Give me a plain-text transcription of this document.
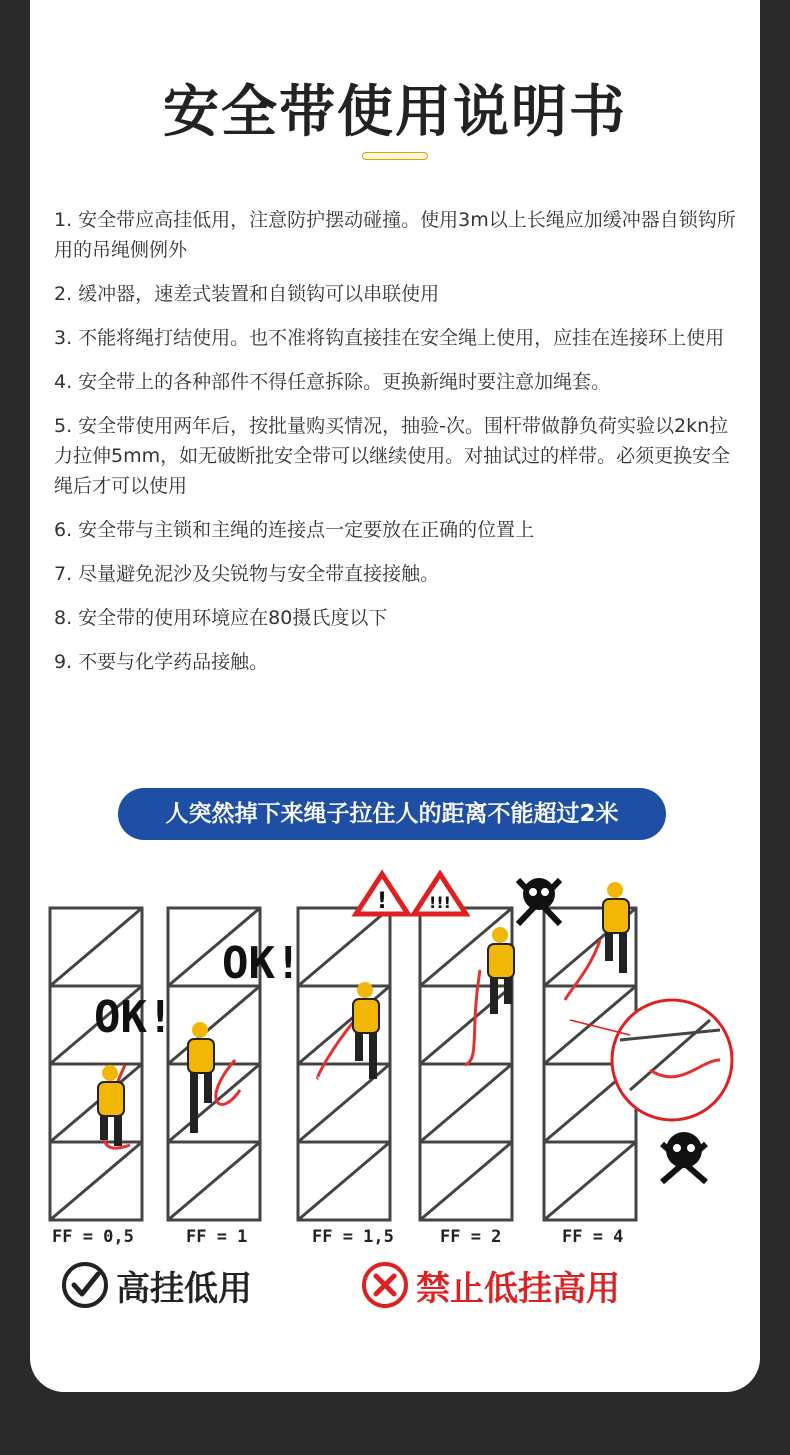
安全带使用说明书
1. 安全带应高挂低用，注意防护摆动碰撞。使用3m以上长绳应加缓冲器自锁钩所用的吊绳侧例外
2. 缓冲器，速差式装置和自锁钩可以串联使用
3. 不能将绳打结使用。也不准将钩直接挂在安全绳上使用，应挂在连接环上使用
4. 安全带上的各种部件不得任意拆除。更换新绳时要注意加绳套。
5. 安全带使用两年后，按批量购买情况，抽验-次。围杆带做静负荷实验以2kn拉力拉伸5mm，如无破断批安全带可以继续使用。对抽试过的样带。必须更换安全绳后才可以使用
6. 安全带与主锁和主绳的连接点一定要放在正确的位置上
7. 尽量避免泥沙及尖锐物与安全带直接接触。
8. 安全带的使用环境应在80摄氏度以下
9. 不要与化学药品接触。
人突然掉下来绳子拉住人的距离不能超过2米
OK!
OK!
!	!!!
FF = 0,5	FF = 1	FF = 1,5	FF = 2	FF = 4
高挂低用	禁止低挂高用
